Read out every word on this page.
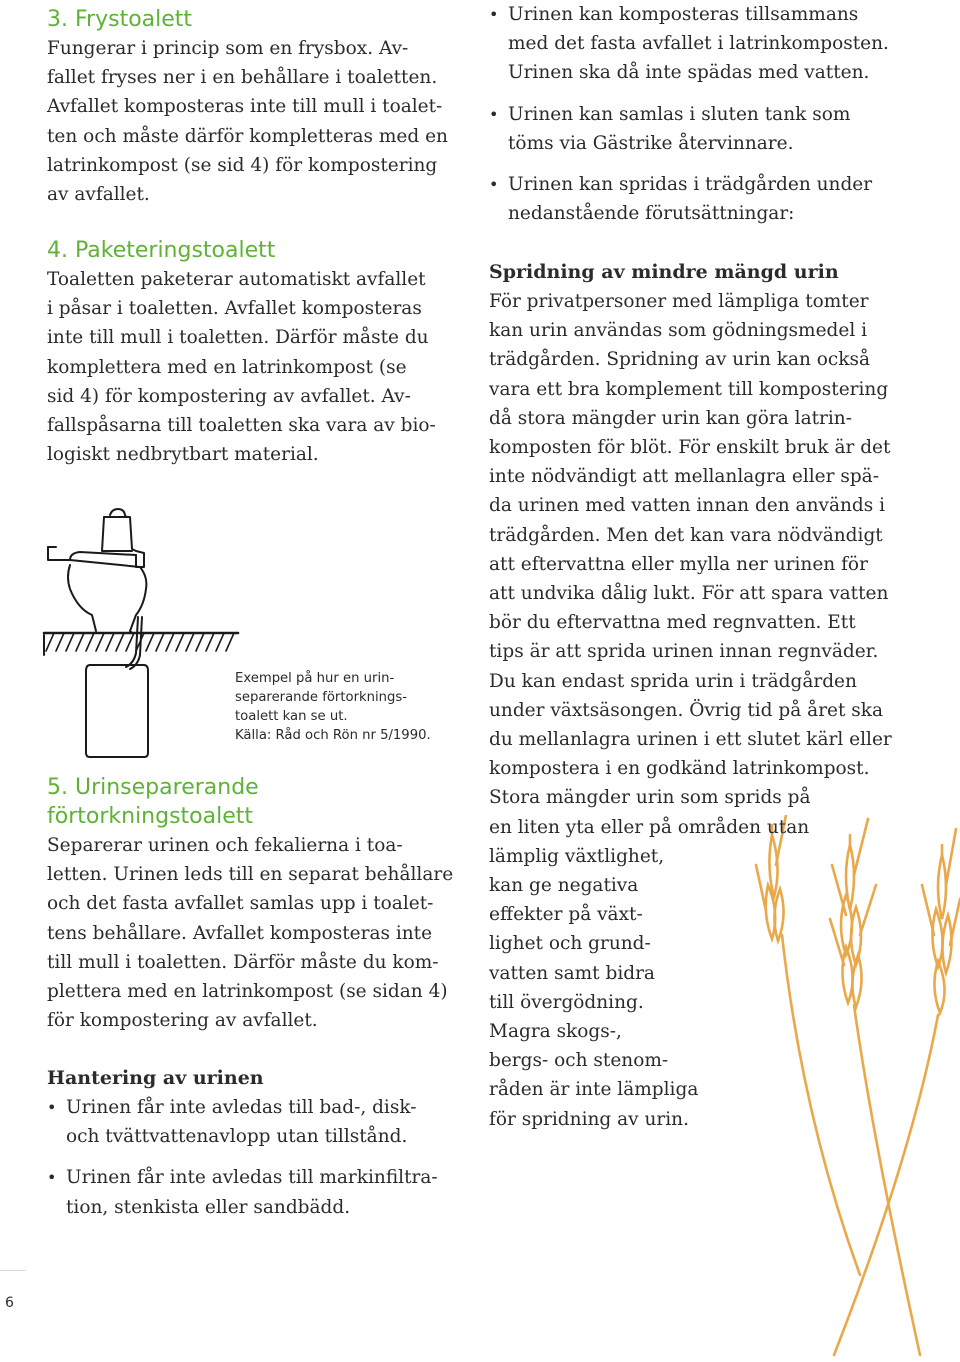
3. Frystoalett

Fungerar i princip som en frysbox. Av-
fallet fryses ner i en behållare i toaletten.
Avfallet komposteras inte till mull i toalet-
ten och måste därför kompletteras med en
latrinkompost (se sid 4) för kompostering
av avfallet.

4. Paketeringstoalett

Toaletten paketerar automatiskt avfallet
i påsar i toaletten. Avfallet komposteras
inte till mull i toaletten. Därför måste du
komplettera med en latrinkompost (se
sid 4) för kompostering av avfallet. Av-
fallspåsarna till toaletten ska vara av bio-
logiskt nedbrytbart material.

Exempel på hur en urin-
separerande förtorknings-
toalett kan se ut.
Källa: Råd och Rön nr 5/1990.
5. Urinseparerande
förtorkningstoalett

Separerar urinen och fekalierna i toa-
letten. Urinen leds till en separat behållare
och det fasta avfallet samlas upp i toalet-
tens behållare. Avfallet komposteras inte
till mull i toaletten. Därför måste du kom-
plettera med en latrinkompost (se sidan 4)
för kompostering av avfallet.

Hantering av urinen
• Urinen får inte avledas till bad-, disk-
och tvättvattenavlopp utan tillstånd.
• Urinen får inte avledas till markinfiltra-
tion, stenkista eller sandbädd.
• Urinen kan komposteras tillsammans
med det fasta avfallet i latrinkomposten.
Urinen ska då inte spädas med vatten.
• Urinen kan samlas i sluten tank som
töms via Gästrike återvinnare.
• Urinen kan spridas i trädgården under
nedanstående förutsättningar:
Spridning av mindre mängd urin

För privatpersoner med lämpliga tomter
kan urin användas som gödningsmedel i
trädgården. Spridning av urin kan också
vara ett bra komplement till kompostering
då stora mängder urin kan göra latrin-
komposten för blöt. För enskilt bruk är det
inte nödvändigt att mellanlagra eller spä-
da urinen med vatten innan den används i
trädgården. Men det kan vara nödvändigt
att eftervattna eller mylla ner urinen för
att undvika dålig lukt. För att spara vatten
bör du eftervattna med regnvatten. Ett
tips är att sprida urinen innan regnväder.
Du kan endast sprida urin i trädgården
under växtsäsongen. Övrig tid på året ska
du mellanlagra urinen i ett slutet kärl eller
kompostera i en godkänd latrinkompost.
Stora mängder urin som sprids på
en liten yta eller på områden utan
lämplig växtlighet,
kan ge negativa
effekter på växt-
lighet och grund-
vatten samt bidra
till övergödning.
Magra skogs-,
bergs- och stenom-
råden är inte lämpliga
för spridning av urin.

6
